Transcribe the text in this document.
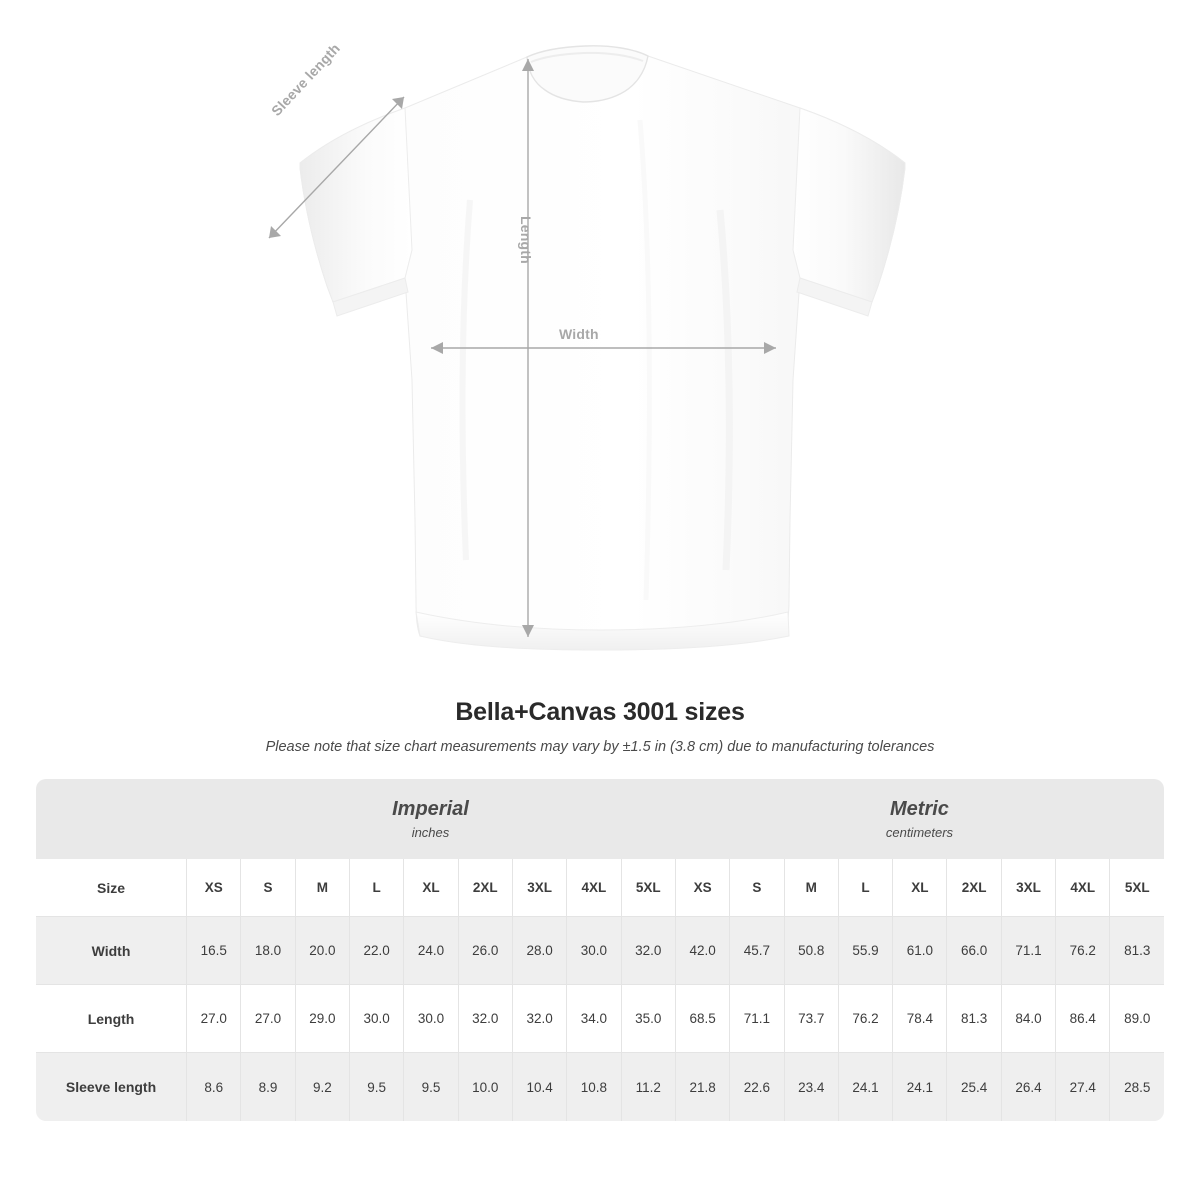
Sleeve length
Length
Width
Bella+Canvas 3001 sizes
Please note that size chart measurements may vary by ±1.5 in (3.8 cm) due to manufacturing tolerances

	Imperial
inches									Metric
centimeters								

Size	XS	S	M	L	XL	2XL	3XL	4XL	5XL	XS	S	M	L	XL	2XL	3XL	4XL	5XL
Width	16.5	18.0	20.0	22.0	24.0	26.0	28.0	30.0	32.0	42.0	45.7	50.8	55.9	61.0	66.0	71.1	76.2	81.3
Length	27.0	27.0	29.0	30.0	30.0	32.0	32.0	34.0	35.0	68.5	71.1	73.7	76.2	78.4	81.3	84.0	86.4	89.0
Sleeve length	8.6	8.9	9.2	9.5	9.5	10.0	10.4	10.8	11.2	21.8	22.6	23.4	24.1	24.1	25.4	26.4	27.4	28.5
